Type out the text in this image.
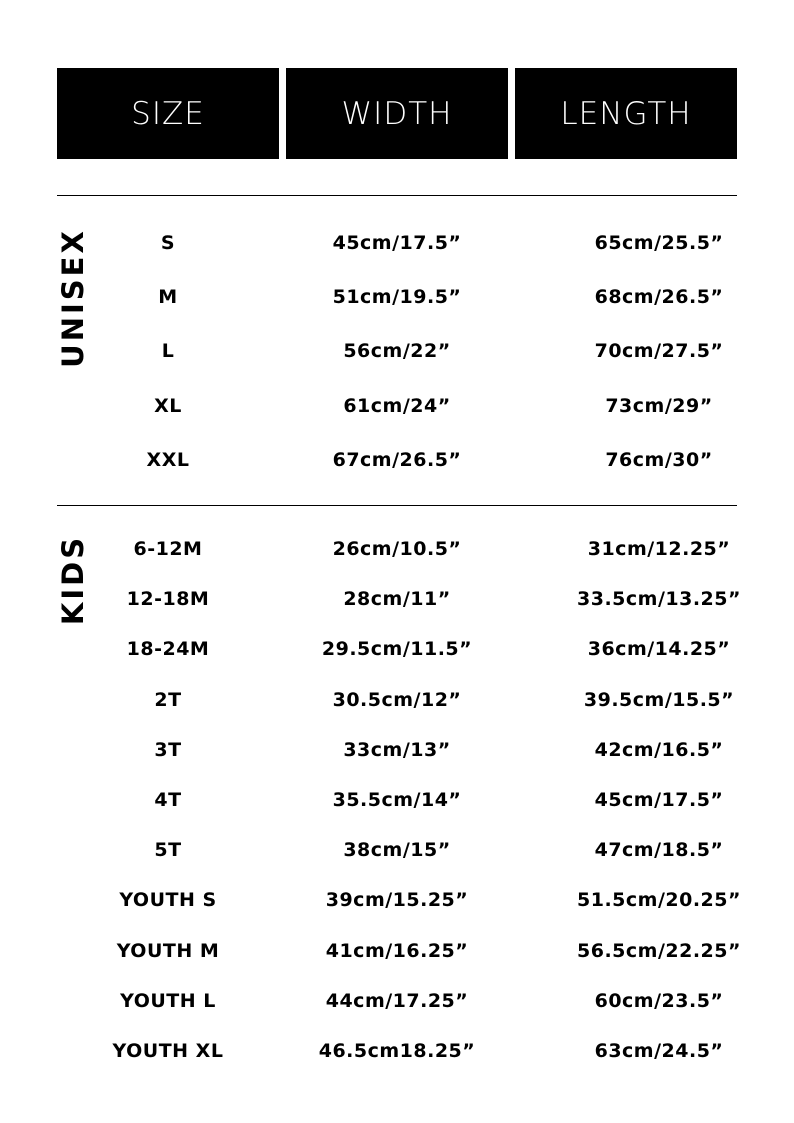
SIZE	WIDTH	LENGTH
UNISEX
KIDS
S	45cm/17.5”	65cm/25.5”
M	51cm/19.5”	68cm/26.5”
L	56cm/22”	70cm/27.5”
XL	61cm/24”	73cm/29”
XXL	67cm/26.5”	76cm/30”
6-12M	26cm/10.5”	31cm/12.25”
12-18M	28cm/11”	33.5cm/13.25”
18-24M	29.5cm/11.5”	36cm/14.25”
2T	30.5cm/12”	39.5cm/15.5”
3T	33cm/13”	42cm/16.5”
4T	35.5cm/14”	45cm/17.5”
5T	38cm/15”	47cm/18.5”
YOUTH S	39cm/15.25”	51.5cm/20.25”
YOUTH M	41cm/16.25”	56.5cm/22.25”
YOUTH L	44cm/17.25”	60cm/23.5”
YOUTH XL	46.5cm18.25”	63cm/24.5”
